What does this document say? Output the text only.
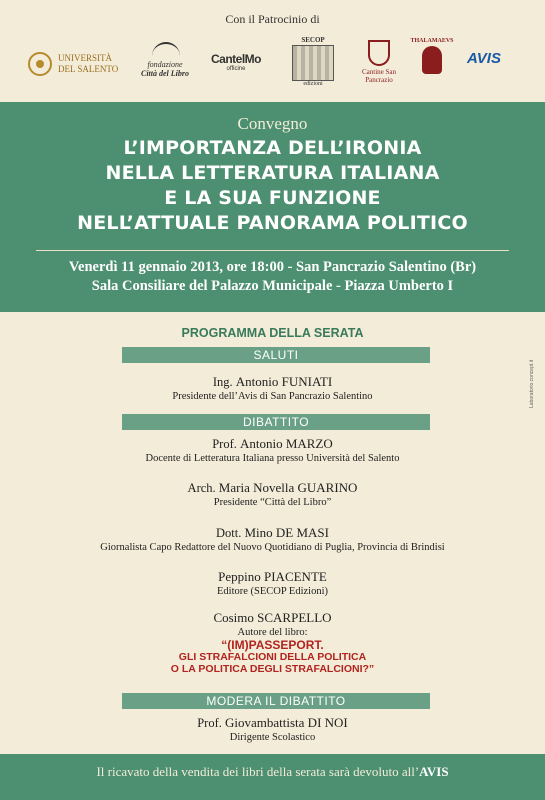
Con il Patrocinio di
UNIVERSITÀ DEL SALENTO	fondazione
Città del Libro
CantelMo
officine
SECOP
edizioni
Cantine San Pancrazio
THALAMAEVS
AVIS
Convegno
L’IMPORTANZA DELL’IRONIA
NELLA LETTERATURA ITALIANA
E LA SUA FUNZIONE
NELL’ATTUALE PANORAMA POLITICO
Venerdì 11 gennaio 2013, ore 18:00 - San Pancrazio Salentino (Br)
Sala Consiliare del Palazzo Municipale - Piazza Umberto I
PROGRAMMA DELLA SERATA
SALUTI
Ing. Antonio FUNIATI
Presidente dell’Avis di San Pancrazio Salentino
DIBATTITO
Prof. Antonio MARZO
Docente di Letteratura Italiana presso Università del Salento
Arch. Maria Novella GUARINO
Presidente “Città del Libro”
Dott. Mino DE MASI
Giornalista Capo Redattore del Nuovo Quotidiano di Puglia, Provincia di Brindisi
Peppino PIACENTE
Editore (SECOP Edizioni)
Cosimo SCARPELLO
Autore del libro:
“(IM)PASSEPORT.
GLI STRAFALCIONI DELLA POLITICA
O LA POLITICA DEGLI STRAFALCIONI?”
MODERA IL DIBATTITO
Prof. Giovambattista DI NOI
Dirigente Scolastico
Laboratorio concept.it
Il ricavato della vendita dei libri della serata sarà devoluto all’AVIS
